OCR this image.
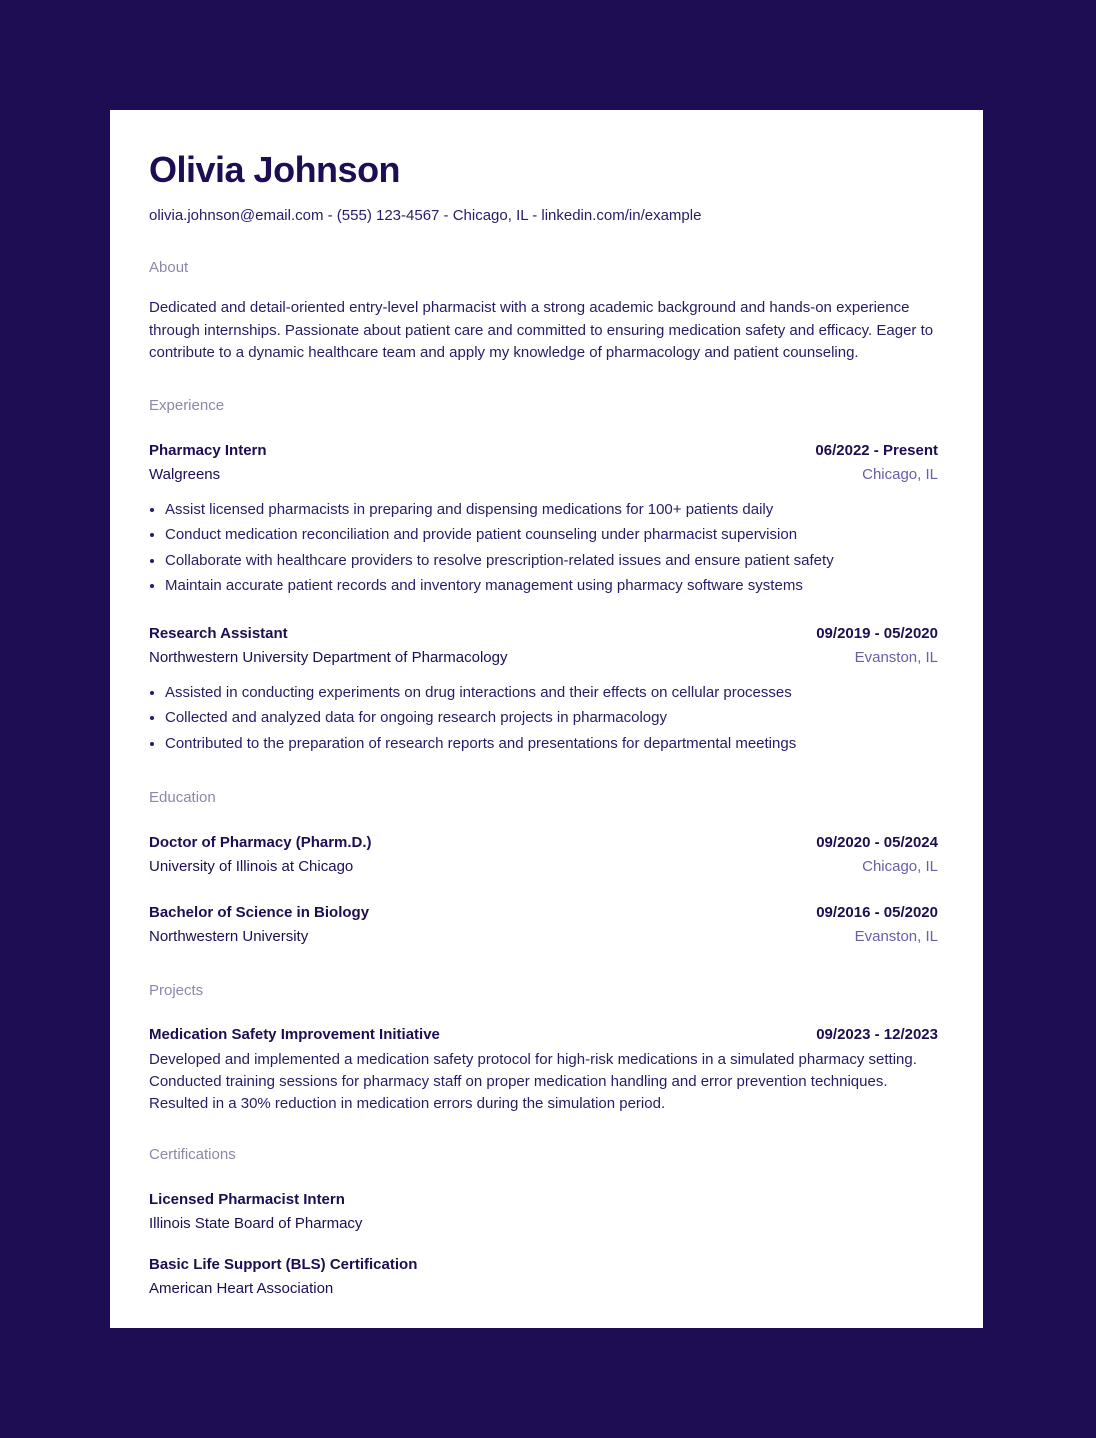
Olivia Johnson
olivia.johnson@email.com - (555) 123-4567 - Chicago, IL - linkedin.com/in/example
About
Dedicated and detail-oriented entry-level pharmacist with a strong academic background and hands-on experience through internships. Passionate about patient care and committed to ensuring medication safety and efficacy. Eager to contribute to a dynamic healthcare team and apply my knowledge of pharmacology and patient counseling.
Experience
Pharmacy Intern	06/2022 - Present
Walgreens	Chicago, IL
• Assist licensed pharmacists in preparing and dispensing medications for 100+ patients daily
• Conduct medication reconciliation and provide patient counseling under pharmacist supervision
• Collaborate with healthcare providers to resolve prescription-related issues and ensure patient safety
• Maintain accurate patient records and inventory management using pharmacy software systems
Research Assistant	09/2019 - 05/2020
Northwestern University Department of Pharmacology	Evanston, IL
• Assisted in conducting experiments on drug interactions and their effects on cellular processes
• Collected and analyzed data for ongoing research projects in pharmacology
• Contributed to the preparation of research reports and presentations for departmental meetings
Education
Doctor of Pharmacy (Pharm.D.)	09/2020 - 05/2024
University of Illinois at Chicago	Chicago, IL
Bachelor of Science in Biology	09/2016 - 05/2020
Northwestern University	Evanston, IL
Projects
Medication Safety Improvement Initiative	09/2023 - 12/2023
Developed and implemented a medication safety protocol for high-risk medications in a simulated pharmacy setting. Conducted training sessions for pharmacy staff on proper medication handling and error prevention techniques. Resulted in a 30% reduction in medication errors during the simulation period.
Certifications
Licensed Pharmacist Intern
Illinois State Board of Pharmacy
Basic Life Support (BLS) Certification
American Heart Association
